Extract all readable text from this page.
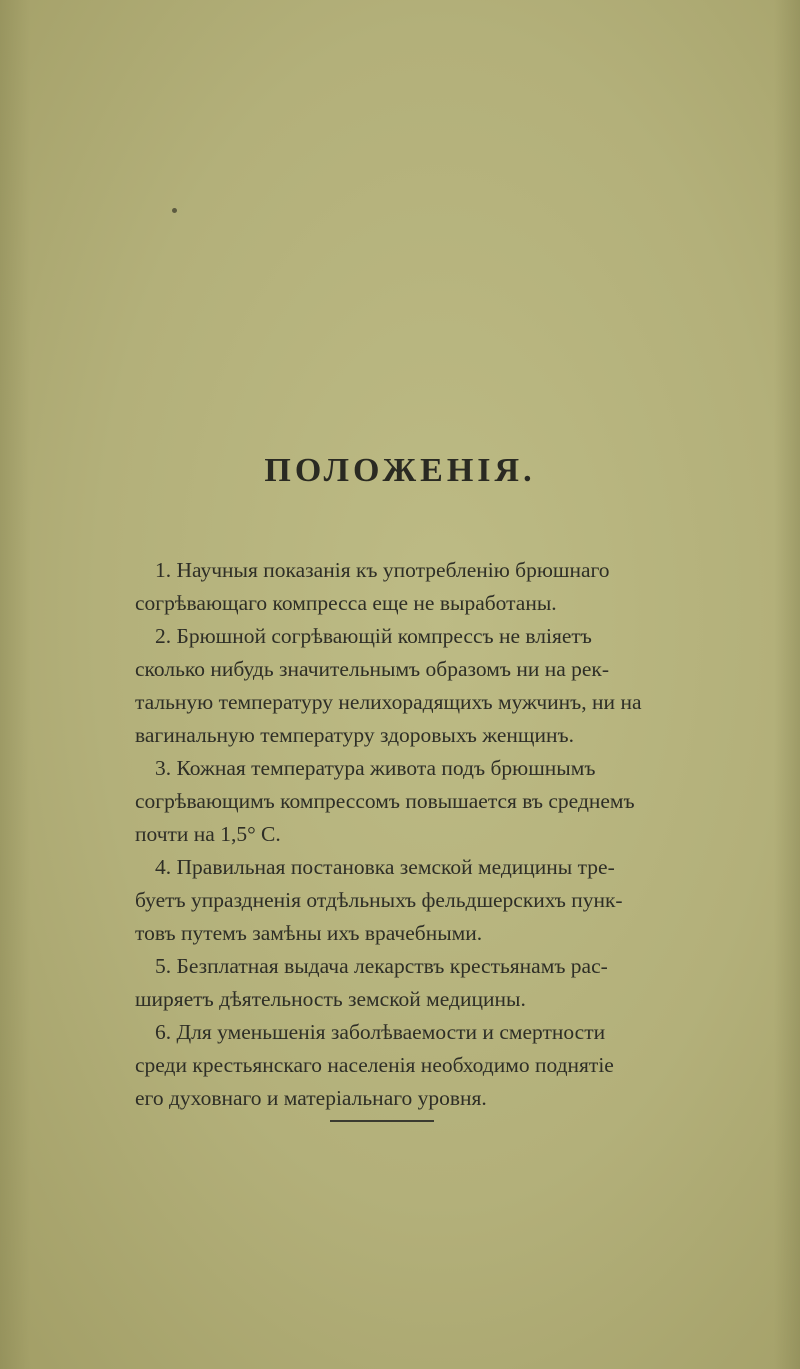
ПОЛОЖЕНІЯ.

1. Научныя показанія къ употребленію брюшнаго
согрѣвающаго компресса еще не выработаны.

2. Брюшной согрѣвающій компрессъ не вліяетъ
сколько нибудь значительнымъ образомъ ни на рек-
тальную температуру нелихорадящихъ мужчинъ, ни на
вагинальную температуру здоровыхъ женщинъ.

3. Кожная температура живота подъ брюшнымъ
согрѣвающимъ компрессомъ повышается въ среднемъ
почти на 1,5° С.

4. Правильная постановка земской медицины тре-
буетъ упраздненія отдѣльныхъ фельдшерскихъ пунк-
товъ путемъ замѣны ихъ врачебными.

5. Безплатная выдача лекарствъ крестьянамъ рас-
ширяетъ дѣятельность земской медицины.

6. Для уменьшенія заболѣваемости и смертности
среди крестьянскаго населенія необходимо поднятіе
его духовнаго и матеріальнаго уровня.
